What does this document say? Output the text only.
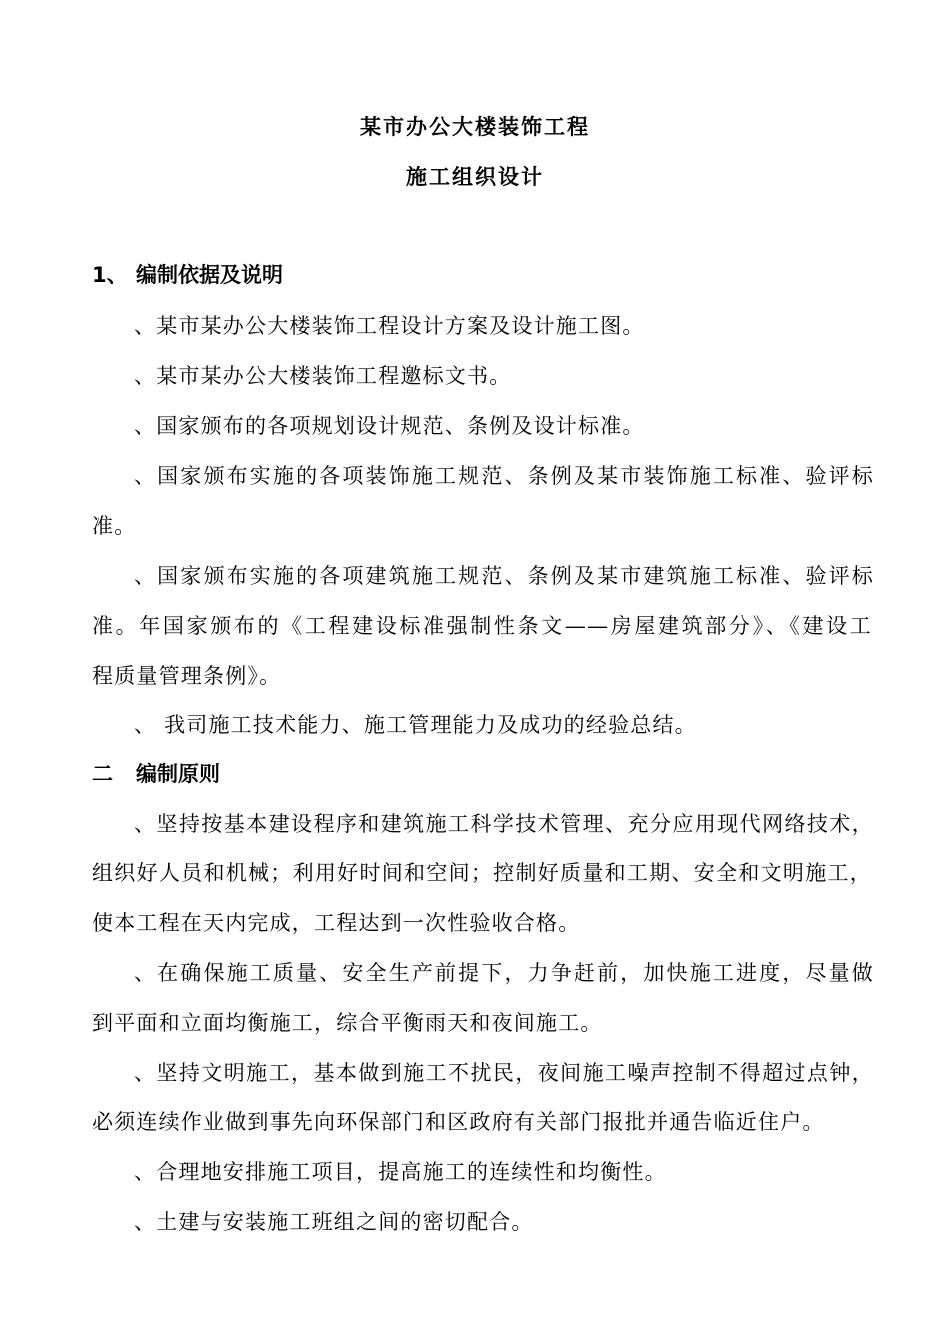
某市办公大楼装饰工程
施工组织设计
1、 编制依据及说明
、某市某办公大楼装饰工程设计方案及设计施工图。
、某市某办公大楼装饰工程邀标文书。
、国家颁布的各项规划设计规范、条例及设计标准。
、国家颁布实施的各项装饰施工规范、条例及某市装饰施工标准、验评标
准。
、国家颁布实施的各项建筑施工规范、条例及某市建筑施工标准、验评标
准。年国家颁布的《工程建设标准强制性条文——房屋建筑部分》、《建设工
程质量管理条例》。
、 我司施工技术能力、施工管理能力及成功的经验总结。
二 编制原则
、坚持按基本建设程序和建筑施工科学技术管理、充分应用现代网络技术，
组织好人员和机械；利用好时间和空间；控制好质量和工期、安全和文明施工，
使本工程在天内完成，工程达到一次性验收合格。
、在确保施工质量、安全生产前提下，力争赶前，加快施工进度，尽量做
到平面和立面均衡施工，综合平衡雨天和夜间施工。
、坚持文明施工，基本做到施工不扰民，夜间施工噪声控制不得超过点钟，
必须连续作业做到事先向环保部门和区政府有关部门报批并通告临近住户。
、合理地安排施工项目，提高施工的连续性和均衡性。
、土建与安装施工班组之间的密切配合。
